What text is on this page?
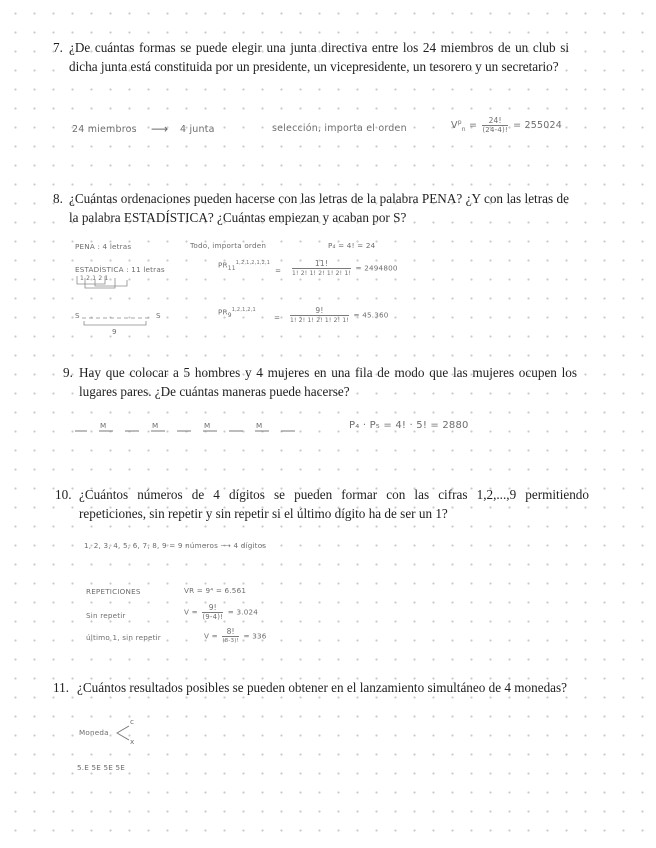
7. ¿De cuántas formas se puede elegir una junta directiva entre los 24 miembros de un club si dicha junta está constituida por un presidente, un vicepresidente, un tesorero y un secretario?
24 miembros ⟶ 4 junta	selección, importa el orden	$V^p_n = \frac{24!}{(24-4)!} = 255024$
8. ¿Cuántas ordenaciones pueden hacerse con las letras de la palabra PENA? ¿Y con las letras de la palabra ESTADÍSTICA? ¿Cuántas empiezan y acaban por S?
PENA : 4 letras	Todo, importa orden	P₄ = 4! = 24
ESTADÍSTICA : 11 letras
1 2 1 2 1
$PR_{11}^{1,2,1,2,1,2,1}$
= $\frac{11!}{1! 2! 1! 2! 1! 2! 1!} = 2494800$
S	S
9
$PR_9^{1,2,1,2,1}$
= $\frac{9!}{1! 2! 1! 2! 1! 2! 1!} = 45.360$
9. Hay que colocar a 5 hombres y 4 mujeres en una fila de modo que las mujeres ocupen los lugares pares. ¿De cuántas maneras puede hacerse?
M	M	M	M	P₄ · P₅ = 4! · 5! = 2880
10. ¿Cuántos números de 4 dígitos se pueden formar con las cifras 1,2,...,9 permitiendo repeticiones, sin repetir y sin repetir si el último dígito ha de ser un 1?
1, 2, 3, 4, 5, 6, 7, 8, 9 = 9 números ⟶ 4 dígitos
REPETICIONES	VR = 9⁴ = 6.561
Sin repetir	$V = \frac{9!}{(9-4)!} = 3.024$
último 1, sin repetir	$V = \frac{8!}{(8-3)!} = 336$
11. ¿Cuántos resultados posibles se pueden obtener en el lanzamiento simultáneo de 4 monedas?
Moneda
c
x
5.E 5E 5E 5E
